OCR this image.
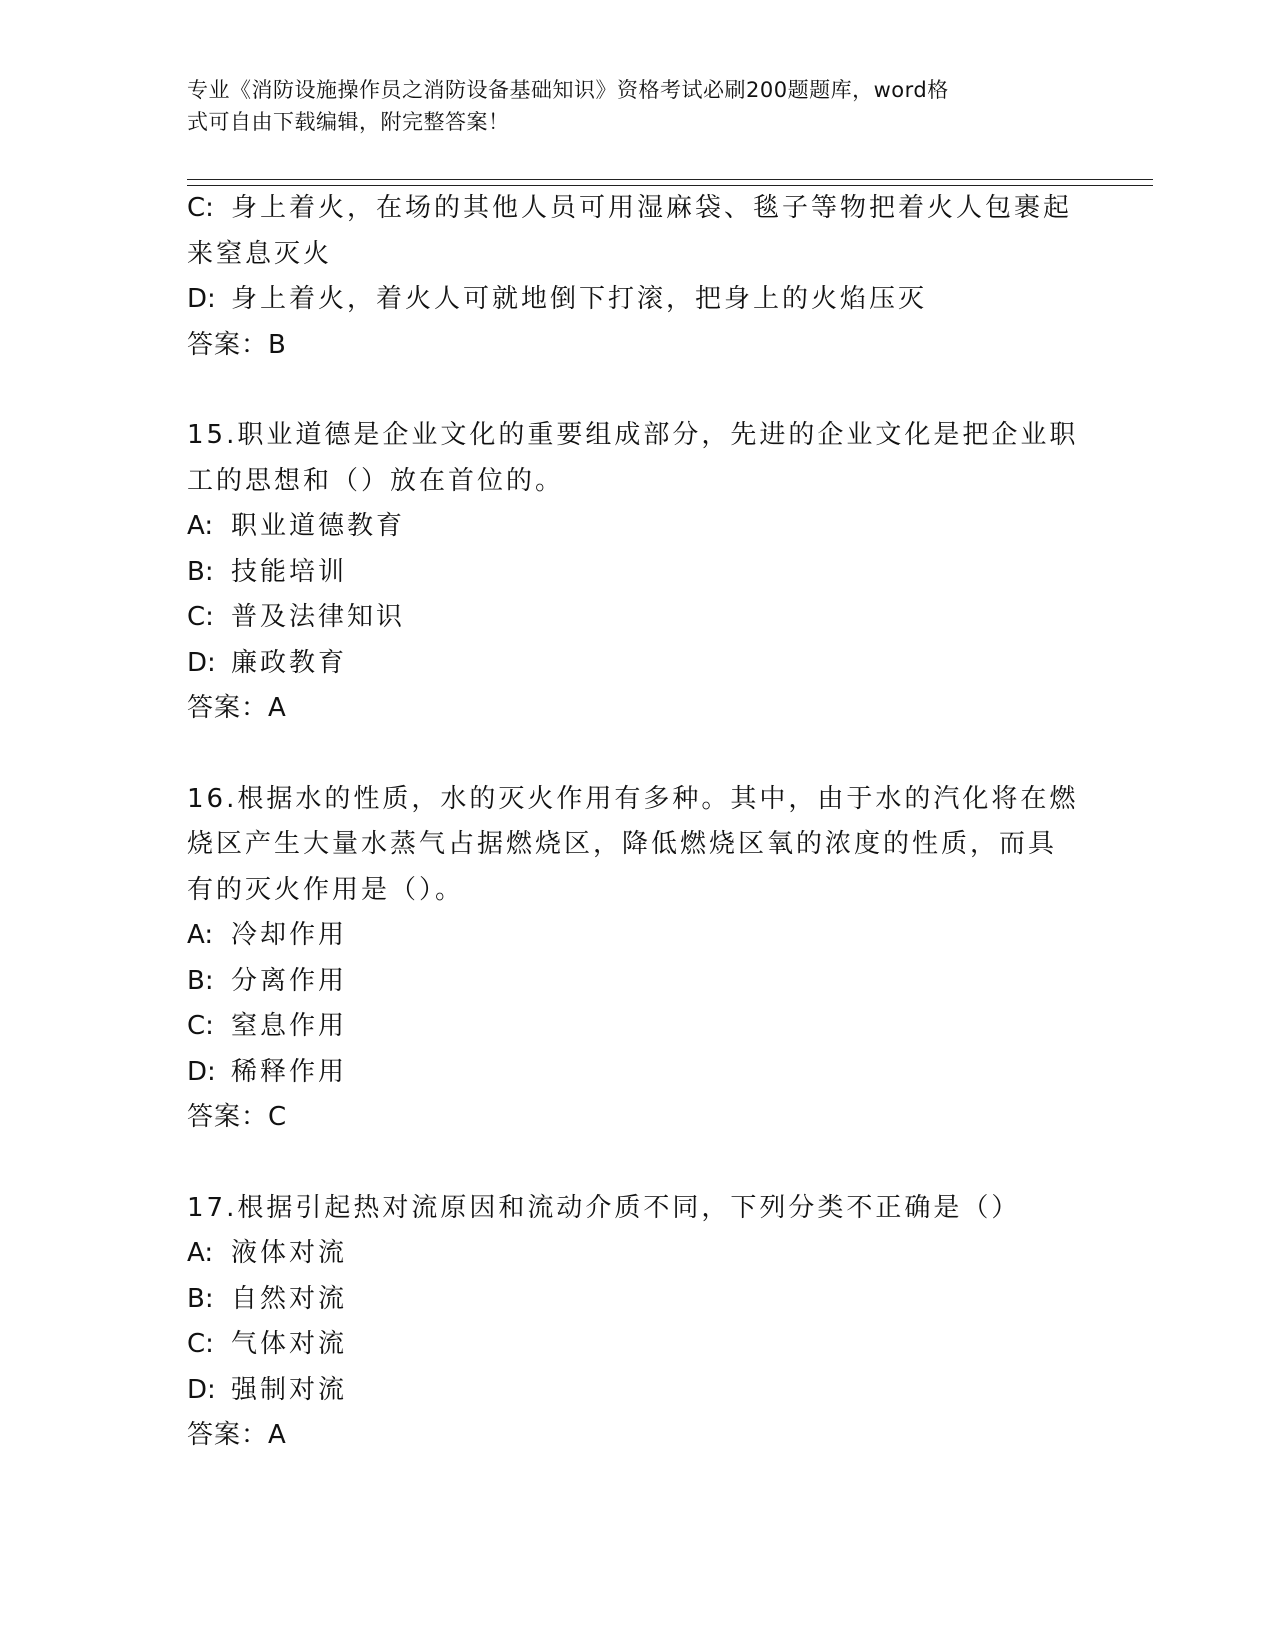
专业《消防设施操作员之消防设备基础知识》资格考试必刷200题题库，word格
式可自由下载编辑，附完整答案！
C: 身上着火，在场的其他人员可用湿麻袋、毯子等物把着火人包裹起
来窒息灭火
D: 身上着火，着火人可就地倒下打滚，把身上的火焰压灭
答案：B
15.职业道德是企业文化的重要组成部分，先进的企业文化是把企业职
工的思想和（）放在首位的。
A: 职业道德教育
B: 技能培训
C: 普及法律知识
D: 廉政教育
答案：A
16.根据水的性质，水的灭火作用有多种。其中，由于水的汽化将在燃
烧区产生大量水蒸气占据燃烧区，降低燃烧区氧的浓度的性质，而具
有的灭火作用是（）。
A: 冷却作用
B: 分离作用
C: 窒息作用
D: 稀释作用
答案：C
17.根据引起热对流原因和流动介质不同，下列分类不正确是（）
A: 液体对流
B: 自然对流
C: 气体对流
D: 强制对流
答案：A
